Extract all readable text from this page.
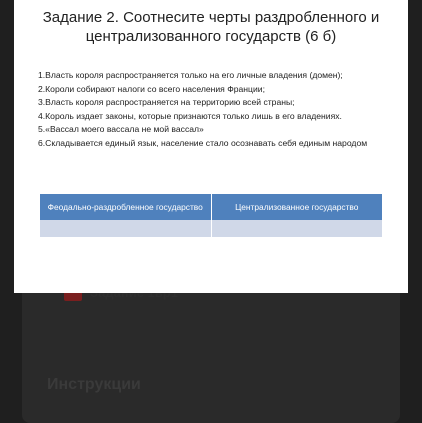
Инструкции
Задание 2. Соотнесите черты раздробленного и
централизованного государств (6 б)
1.Власть короля распространяется только на его личные владения (домен);
2.Короли собирают налоги со всего населения Франции;
3.Власть короля распространяется на территорию всей страны;
4.Король издает законы, которые признаются только лишь в его владениях.
5.«Вассал моего вассала не мой вассал»
6.Складывается единый язык, население стало осознавать себя единым народом
Феодально-раздробленное государство	Централизованное государство
